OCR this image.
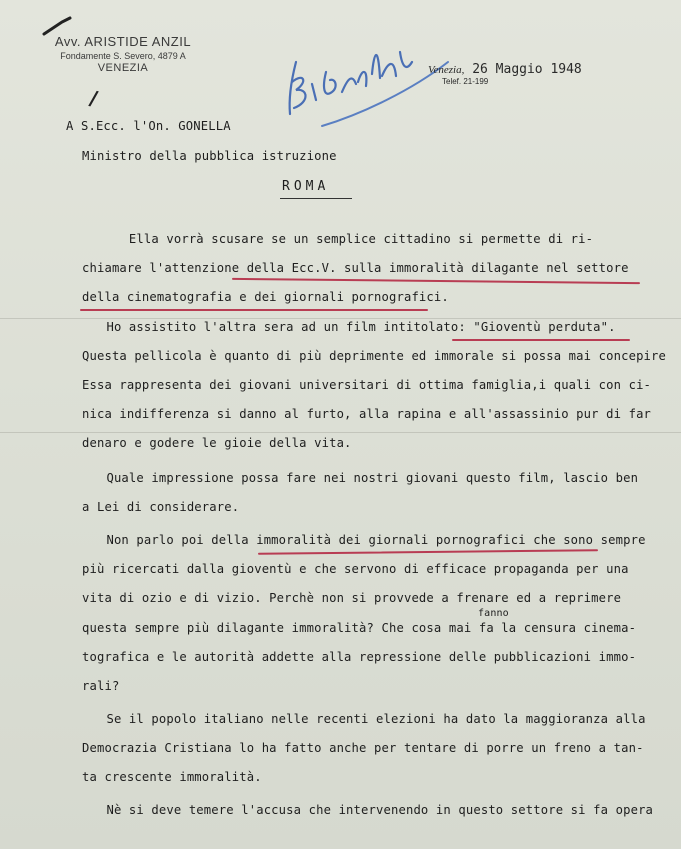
Avv. ARISTIDE ANZIL
Fondamente S. Severo, 4879 A
VENEZIA	Venezia, 26 Maggio 1948
Telef. 21-199
/
A S.Ecc. l'On. GONELLA
Ministro della pubblica istruzione
ROMA
Ella vorrà scusare se un semplice cittadino si permette di ri-
chiamare l'attenzione della Ecc.V. sulla immoralità dilagante nel settore
della cinematografia e dei giornali pornografici.
Ho assistito l'altra sera ad un film intitolato: "Gioventù perduta".
Questa pellicola è quanto di più deprimente ed immorale si possa mai concepire
Essa rappresenta dei giovani universitari di ottima famiglia,i quali con ci-
nica indifferenza si danno al furto, alla rapina e all'assassinio pur di far
denaro e godere le gioie della vita.
Quale impressione possa fare nei nostri giovani questo film, lascio ben
a Lei di considerare.
Non parlo poi della immoralità dei giornali pornografici che sono sempre
più ricercati dalla gioventù e che servono di efficace propaganda per una
vita di ozio e di vizio. Perchè non si provvede a frenare ed a reprimere
questa sempre più dilagante immoralità? Che cosa mai fa la censura cinema-
tografica e le autorità addette alla repressione delle pubblicazioni immo-
rali?
Se il popolo italiano nelle recenti elezioni ha dato la maggioranza alla
Democrazia Cristiana lo ha fatto anche per tentare di porre un freno a tan-
ta crescente immoralità.
Nè si deve temere l'accusa che intervenendo in questo settore si fa opera
fanno
